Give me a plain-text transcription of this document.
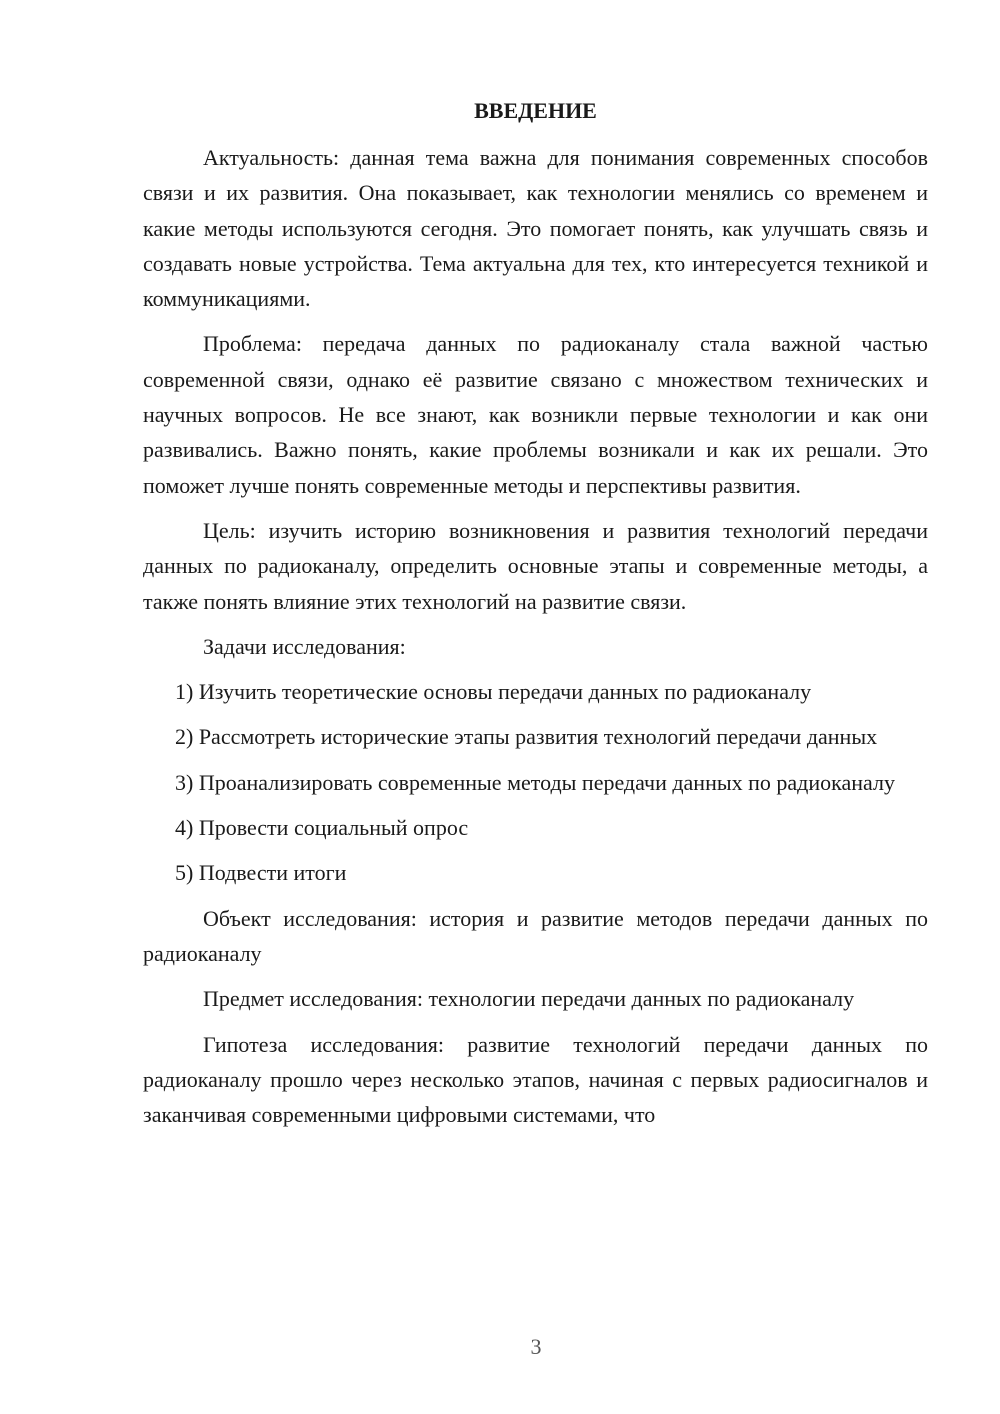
ВВЕДЕНИЕ

Актуальность: данная тема важна для понимания современных способов связи и их развития. Она показывает, как технологии менялись со временем и какие методы используются сегодня. Это помогает понять, как улучшать связь и создавать новые устройства. Тема актуальна для тех, кто интересуется техникой и коммуникациями.

Проблема: передача данных по радиоканалу стала важной частью современной связи, однако её развитие связано с множеством технических и научных вопросов. Не все знают, как возникли первые технологии и как они развивались. Важно понять, какие проблемы возникали и как их решали. Это поможет лучше понять современные методы и перспективы развития.

Цель: изучить историю возникновения и развития технологий передачи данных по радиоканалу, определить основные этапы и современные методы, а также понять влияние этих технологий на развитие связи.

Задачи исследования:

1) Изучить теоретические основы передачи данных по радиоканалу

2) Рассмотреть исторические этапы развития технологий передачи данных

3) Проанализировать современные методы передачи данных по радиоканалу

4) Провести социальный опрос

5) Подвести итоги

Объект исследования: история и развитие методов передачи данных по радиоканалу

Предмет исследования: технологии передачи данных по радиоканалу

Гипотеза исследования: развитие технологий передачи данных по радиоканалу прошло через несколько этапов, начиная с первых радиосигналов и заканчивая современными цифровыми системами, что

3
